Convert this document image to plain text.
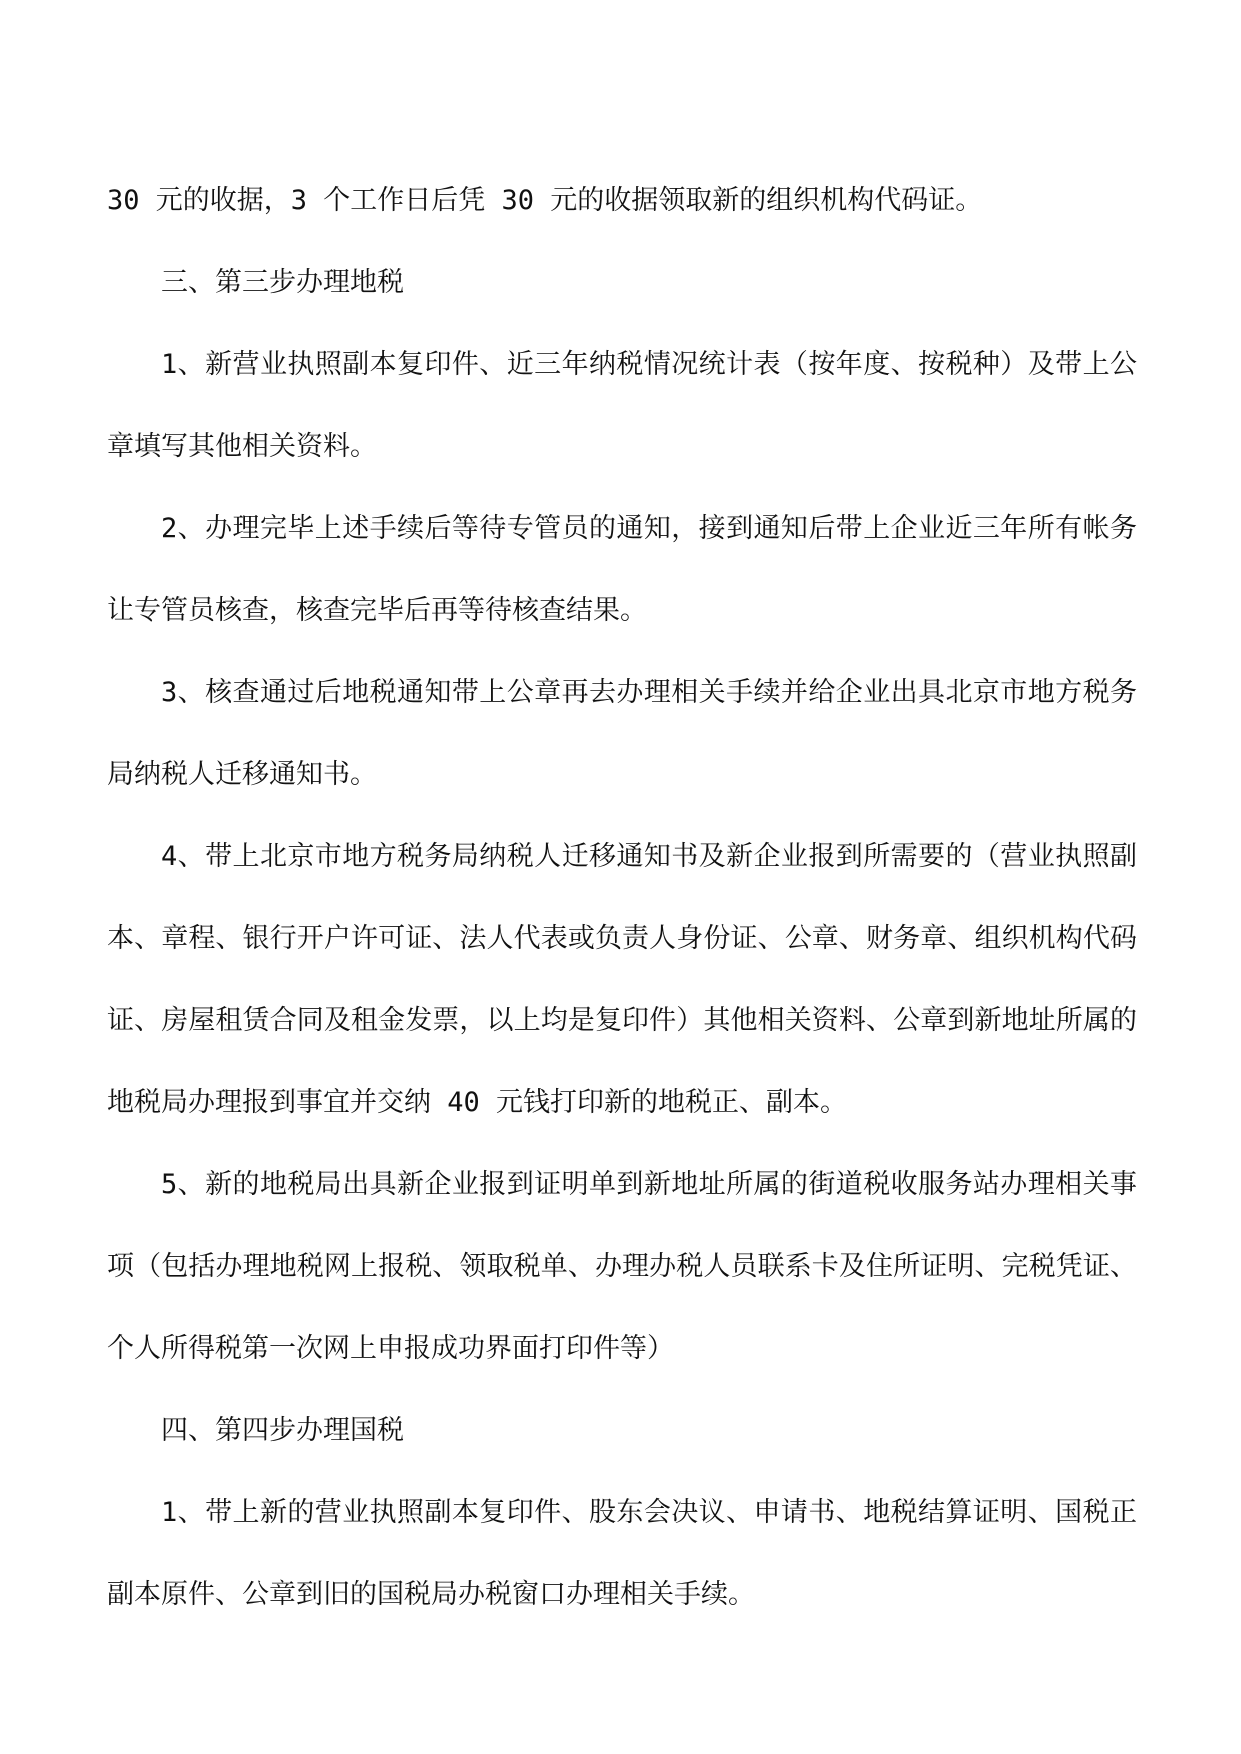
30 元的收据，3 个工作日后凭 30 元的收据领取新的组织机构代码证。

三、第三步办理地税

1、新营业执照副本复印件、近三年纳税情况统计表（按年度、按税种）及带上公章填写其他相关资料。

2、办理完毕上述手续后等待专管员的通知，接到通知后带上企业近三年所有帐务让专管员核查，核查完毕后再等待核查结果。

3、核查通过后地税通知带上公章再去办理相关手续并给企业出具北京市地方税务局纳税人迁移通知书。

4、带上北京市地方税务局纳税人迁移通知书及新企业报到所需要的（营业执照副本、章程、银行开户许可证、法人代表或负责人身份证、公章、财务章、组织机构代码证、房屋租赁合同及租金发票，以上均是复印件）其他相关资料、公章到新地址所属的地税局办理报到事宜并交纳 40 元钱打印新的地税正、副本。

5、新的地税局出具新企业报到证明单到新地址所属的街道税收服务站办理相关事项（包括办理地税网上报税、领取税单、办理办税人员联系卡及住所证明、完税凭证、个人所得税第一次网上申报成功界面打印件等）

四、第四步办理国税

1、带上新的营业执照副本复印件、股东会决议、申请书、地税结算证明、国税正副本原件、公章到旧的国税局办税窗口办理相关手续。
